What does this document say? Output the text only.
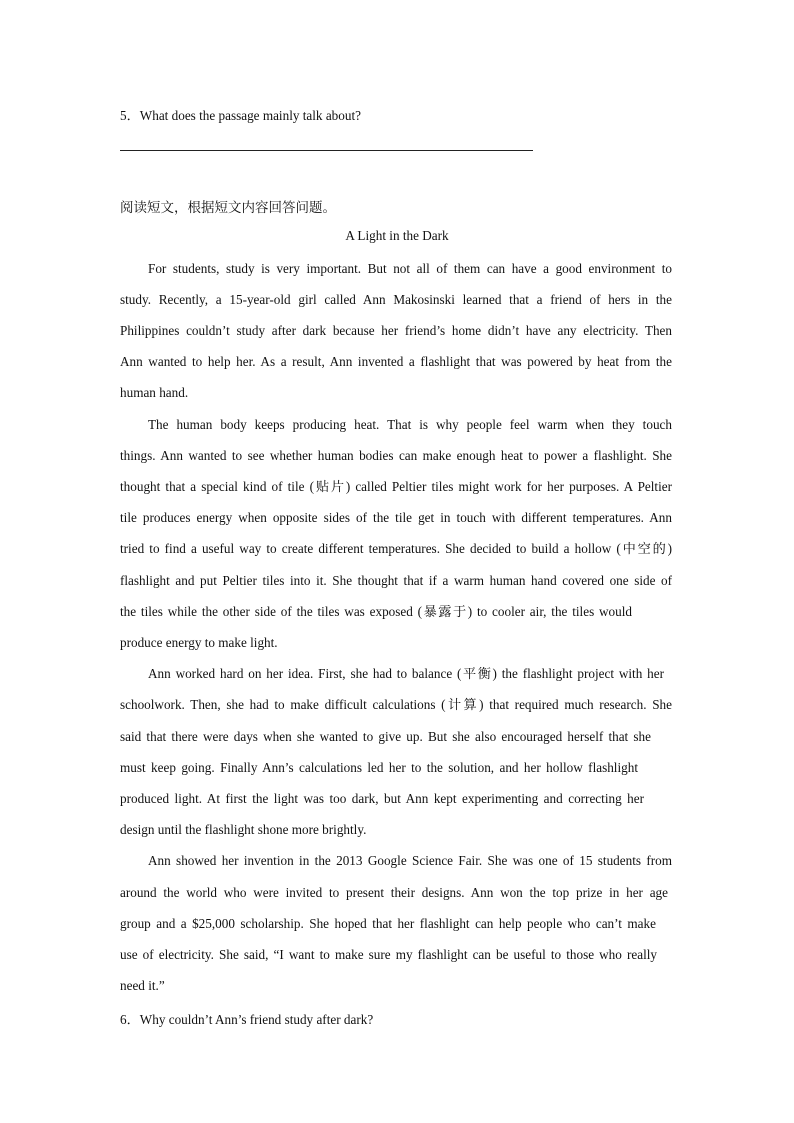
5．What does the passage mainly talk about?
阅读短文，根据短文内容回答问题。
A Light in the Dark
For students, study is very important. But not all of them can have a good environment to
study. Recently, a 15-year-old girl called Ann Makosinski learned that a friend of hers in the
Philippines couldn’t study after dark because her friend’s home didn’t have any electricity. Then
Ann wanted to help her. As a result, Ann invented a flashlight that was powered by heat from the
human hand.
The human body keeps producing heat. That is why people feel warm when they touch
things. Ann wanted to see whether human bodies can make enough heat to power a flashlight. She
thought that a special kind of tile (贴片) called Peltier tiles might work for her purposes. A Peltier
tile produces energy when opposite sides of the tile get in touch with different temperatures. Ann
tried to find a useful way to create different temperatures. She decided to build a hollow (中空的)
flashlight and put Peltier tiles into it. She thought that if a warm human hand covered one side of
the tiles while the other side of the tiles was exposed (暴露于) to cooler air, the tiles would
produce energy to make light.
Ann worked hard on her idea. First, she had to balance (平衡) the flashlight project with her
schoolwork. Then, she had to make difficult calculations (计算) that required much research. She
said that there were days when she wanted to give up. But she also encouraged herself that she
must keep going. Finally Ann’s calculations led her to the solution, and her hollow flashlight
produced light. At first the light was too dark, but Ann kept experimenting and correcting her
design until the flashlight shone more brightly.
Ann showed her invention in the 2013 Google Science Fair. She was one of 15 students from
around the world who were invited to present their designs. Ann won the top prize in her age
group and a $25,000 scholarship. She hoped that her flashlight can help people who can’t make
use of electricity. She said, “I want to make sure my flashlight can be useful to those who really
need it.”
6．Why couldn’t Ann’s friend study after dark?
